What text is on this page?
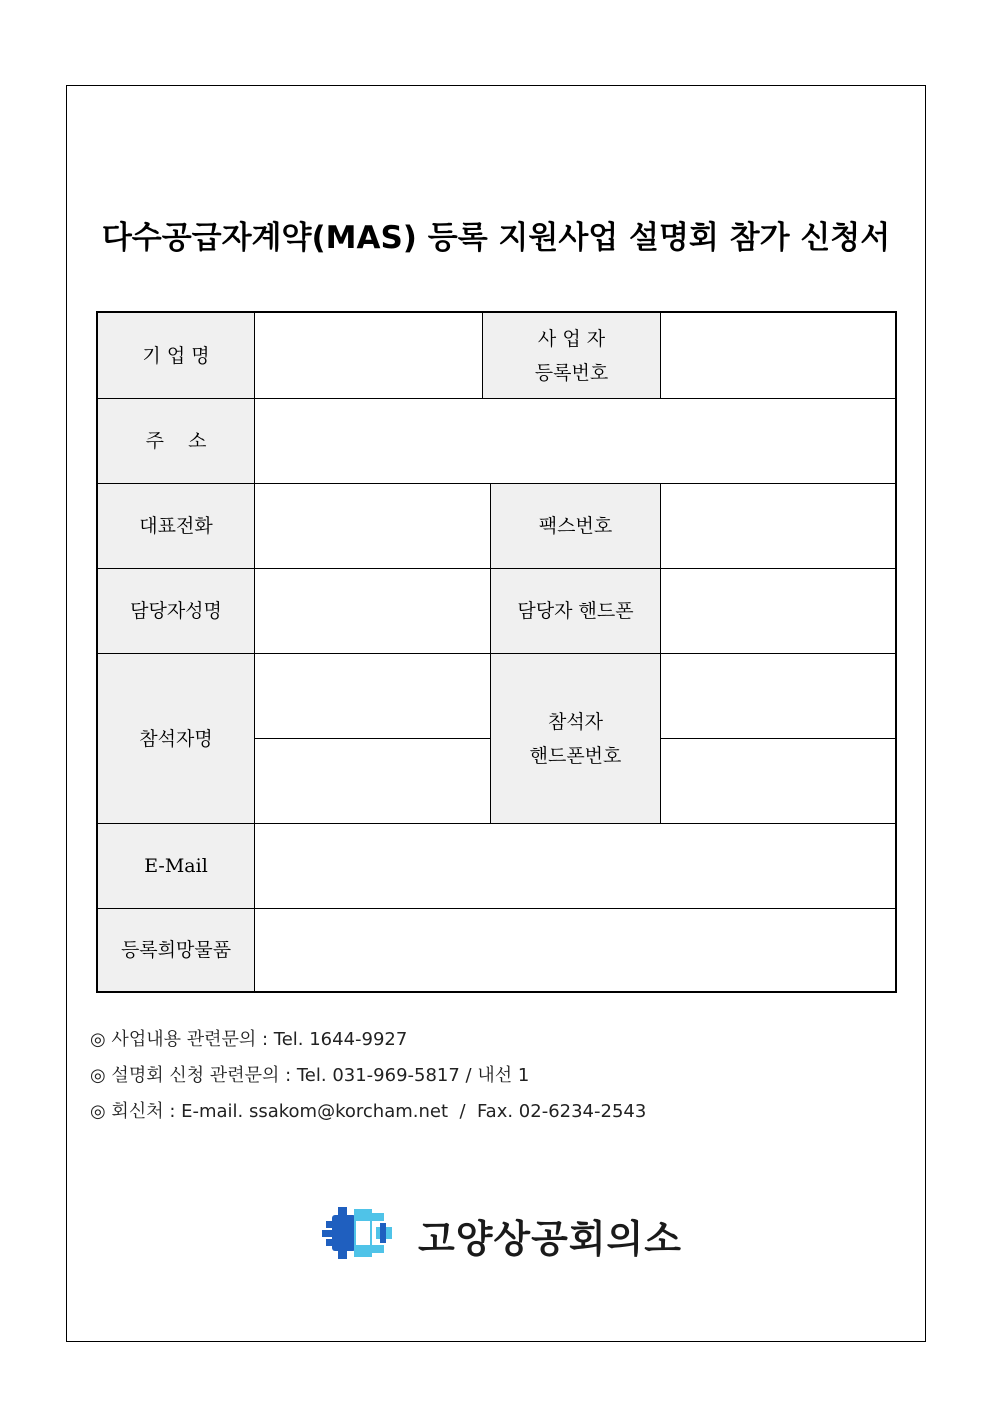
다수공급자계약(MAS) 등록 지원사업 설명회 참가 신청서
기 업 명
사 업 자
등록번호
주    소
대표전화	팩스번호
담당자성명	담당자 핸드폰
참석자명
참석자
핸드폰번호
E-Mail
등록희망물품
◎ 사업내용 관련문의 : Tel. 1644-9927
◎ 설명회 신청 관련문의 : Tel. 031-969-5817 / 내선 1
◎ 회신처 : E-mail. ssakom@korcham.net  /  Fax. 02-6234-2543
고양상공회의소
